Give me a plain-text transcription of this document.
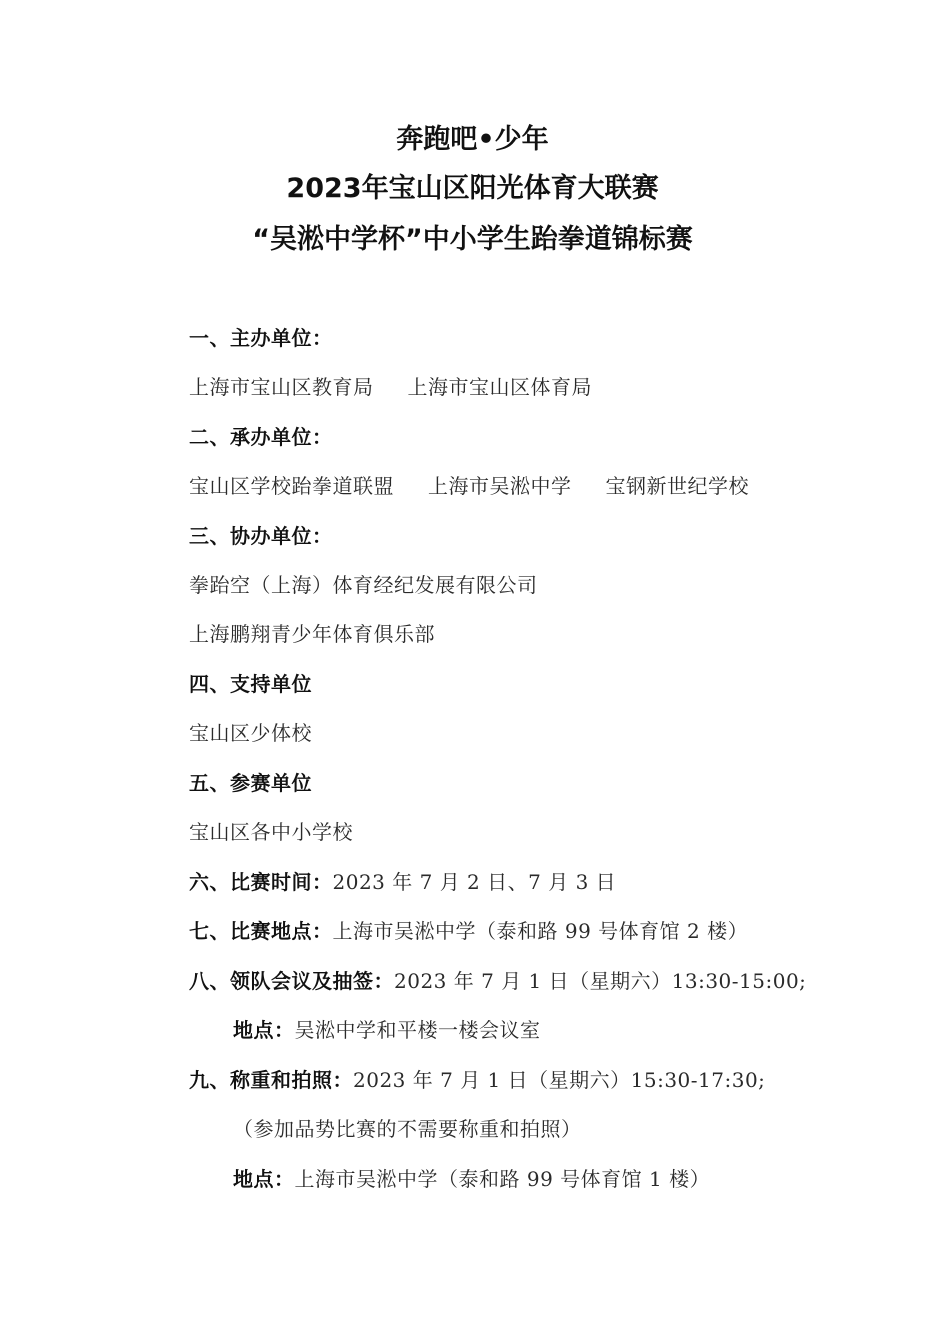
奔跑吧•少年
2023年宝山区阳光体育大联赛
“吴淞中学杯”中小学生跆拳道锦标赛
一、主办单位：
上海市宝山区教育局 上海市宝山区体育局
二、承办单位：
宝山区学校跆拳道联盟 上海市吴淞中学 宝钢新世纪学校
三、协办单位：
拳跆空（上海）体育经纪发展有限公司
上海鹏翔青少年体育俱乐部
四、支持单位
宝山区少体校
五、参赛单位
宝山区各中小学校
六、比赛时间：2023 年 7 月 2 日、7 月 3 日
七、比赛地点：上海市吴淞中学（泰和路 99 号体育馆 2 楼）
八、领队会议及抽签：2023 年 7 月 1 日（星期六）13:30-15:00;
地点：吴淞中学和平楼一楼会议室
九、称重和拍照：2023 年 7 月 1 日（星期六）15:30-17:30;
（参加品势比赛的不需要称重和拍照）
地点：上海市吴淞中学（泰和路 99 号体育馆 1 楼）
